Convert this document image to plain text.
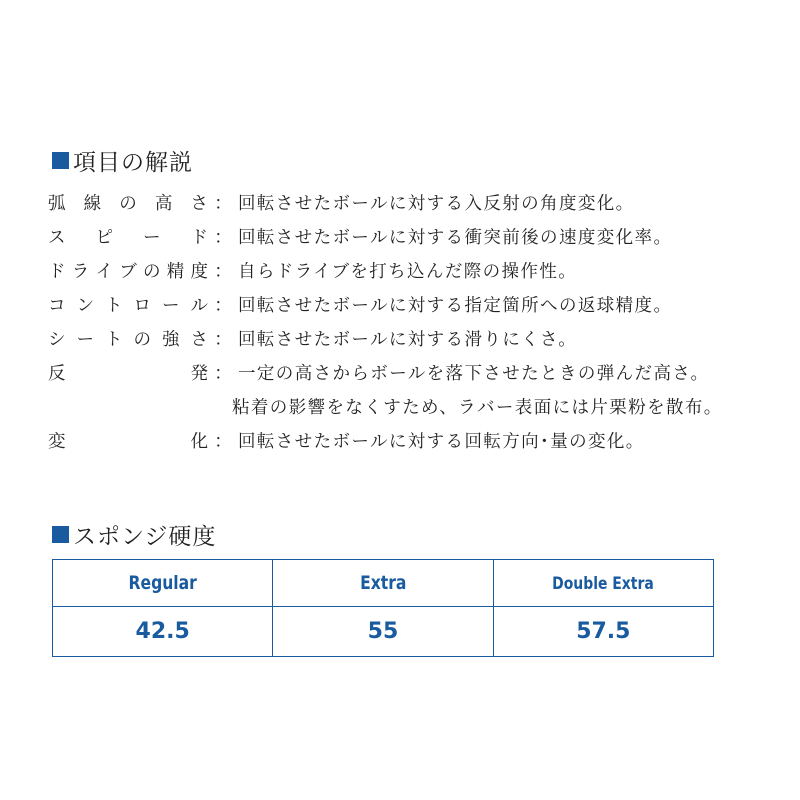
項目の解説
弧 線 の 高 さ ： 回転させたボールに対する入反射の角度変化。
ス ピ ー ド ： 回転させたボールに対する衝突前後の速度変化率。
ド ラ イ ブ の 精 度 ： 自らドライブを打ち込んだ際の操作性。
コ ン ト ロ ー ル ： 回転させたボールに対する指定箇所への返球精度。
シ ー ト の 強 さ ： 回転させたボールに対する滑りにくさ。
反	発 ： 一定の高さからボールを落下させたときの弾んだ高さ。
粘着の影響をなくすため、ラバー表面には片栗粉を散布。
変	化 ： 回転させたボールに対する回転方向･量の変化。
スポンジ硬度
Regular	Extra	Double Extra
42.5	55	57.5
